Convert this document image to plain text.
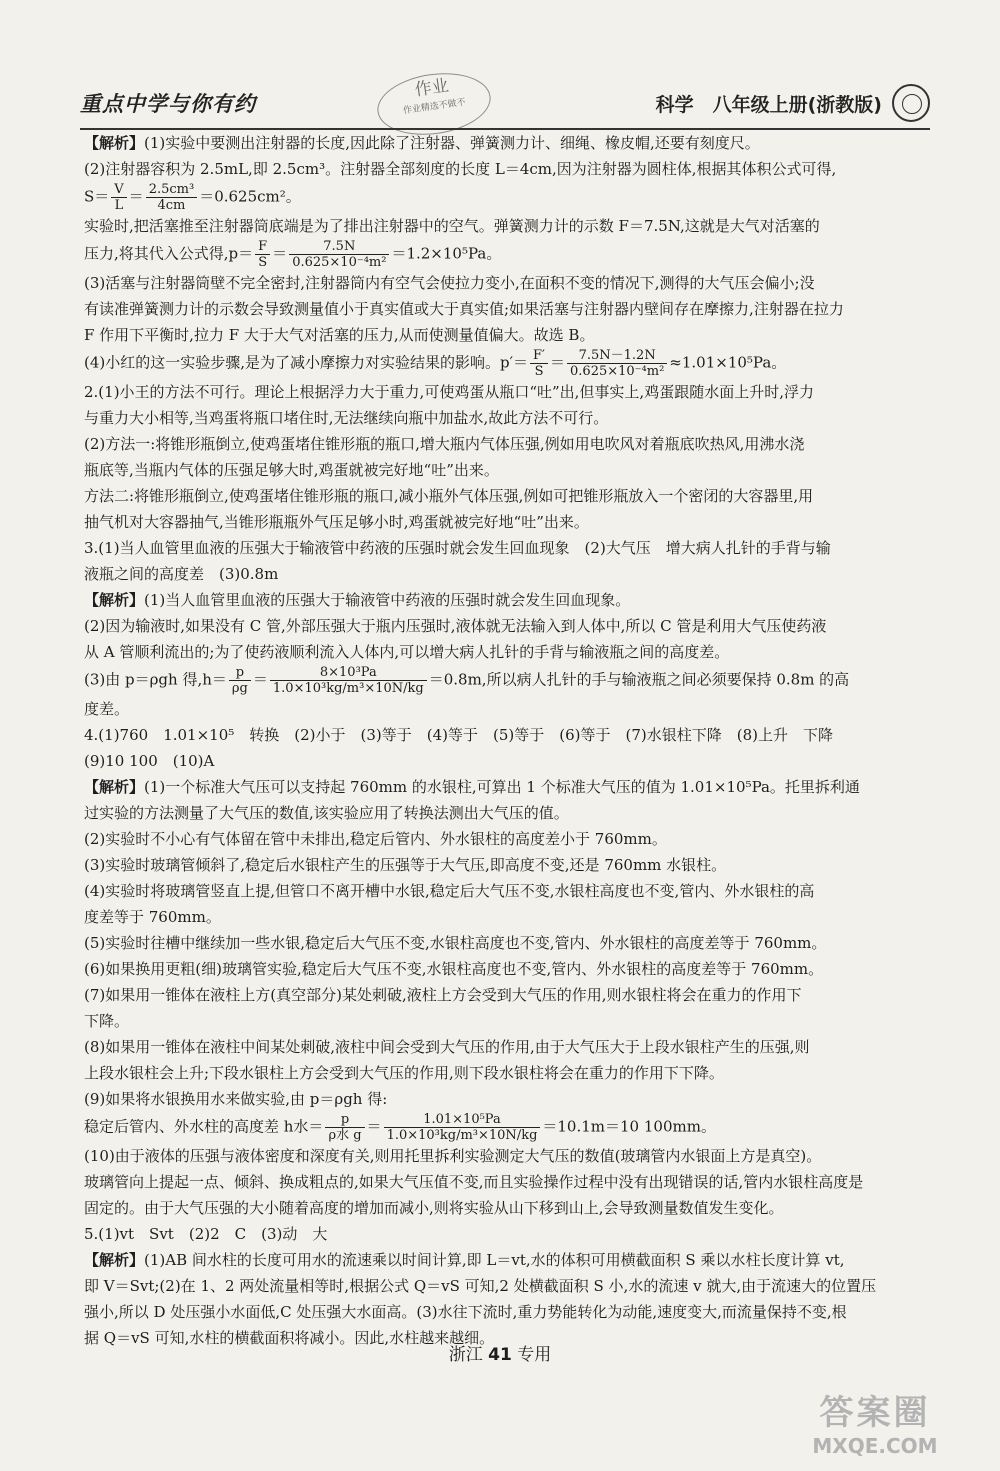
重点中学与你有约
作业
作业精选不做不	科学　八年级上册(浙教版)

【解析】(1)实验中要测出注射器的长度,因此除了注射器、弹簧测力计、细绳、橡皮帽,还要有刻度尺。

(2)注射器容积为 2.5mL,即 2.5cm³。注射器全部刻度的长度 L＝4cm,因为注射器为圆柱体,根据其体积公式可得,

$S= \frac{V}{L} = \frac{\text{2.5cm³}}{4cm} =0.625cm^2$。

实验时,把活塞推至注射器筒底端是为了排出注射器中的空气。弹簧测力计的示数 F＝7.5N,这就是大气对活塞的

压力,将其代入公式得$,p= \frac{F}{S} = \frac{7.5N}{\text{0.625×10⁻⁴m²}} =1.2\times 10^5Pa$。

(3)活塞与注射器筒壁不完全密封,注射器筒内有空气会使拉力变小,在面积不变的情况下,测得的大气压会偏小;没

有读准弹簧测力计的示数会导致测量值小于真实值或大于真实值;如果活塞与注射器内壁间存在摩擦力,注射器在拉力

F 作用下平衡时,拉力 F 大于大气对活塞的压力,从而使测量值偏大。故选 B。

(4)小红的这一实验步骤,是为了减小摩擦力对实验结果的影响。$p'= \frac{F'}{S} = \frac{7.5N-1.2N}{\text{0.625×10⁻⁴m²}} \approx 1.01\times 10^5Pa$。

2.(1)小王的方法不可行。理论上根据浮力大于重力,可使鸡蛋从瓶口“吐”出,但事实上,鸡蛋跟随水面上升时,浮力

与重力大小相等,当鸡蛋将瓶口堵住时,无法继续向瓶中加盐水,故此方法不可行。

(2)方法一:将锥形瓶倒立,使鸡蛋堵住锥形瓶的瓶口,增大瓶内气体压强,例如用电吹风对着瓶底吹热风,用沸水浇

瓶底等,当瓶内气体的压强足够大时,鸡蛋就被完好地“吐”出来。

方法二:将锥形瓶倒立,使鸡蛋堵住锥形瓶的瓶口,减小瓶外气体压强,例如可把锥形瓶放入一个密闭的大容器里,用

抽气机对大容器抽气,当锥形瓶瓶外气压足够小时,鸡蛋就被完好地“吐”出来。

3.(1)当人血管里血液的压强大于输液管中药液的压强时就会发生回血现象　(2)大气压　增大病人扎针的手背与输

液瓶之间的高度差　(3)0.8m

【解析】(1)当人血管里血液的压强大于输液管中药液的压强时就会发生回血现象。

(2)因为输液时,如果没有 C 管,外部压强大于瓶内压强时,液体就无法输入到人体中,所以 C 管是利用大气压使药液

从 A 管顺利流出的;为了使药液顺利流入人体内,可以增大病人扎针的手背与输液瓶之间的高度差。

(3)由 p＝ρgh 得$,h= \frac{p}{\rho g} = \frac{\text{8×10³Pa}}{\text{1.0×10³kg/m³×10N/kg}} =0.8m$,所以病人扎针的手与输液瓶之间必须要保持 0.8m 的高

度差。

4.(1)760　1.01×10⁵　转换　(2)小于　(3)等于　(4)等于　(5)等于　(6)等于　(7)水银柱下降　(8)上升　下降

(9)10 100　(10)A

【解析】(1)一个标准大气压可以支持起 760mm 的水银柱,可算出 1 个标准大气压的值为 1.01×10⁵Pa。托里拆利通

过实验的方法测量了大气压的数值,该实验应用了转换法测出大气压的值。

(2)实验时不小心有气体留在管中未排出,稳定后管内、外水银柱的高度差小于 760mm。

(3)实验时玻璃管倾斜了,稳定后水银柱产生的压强等于大气压,即高度不变,还是 760mm 水银柱。

(4)实验时将玻璃管竖直上提,但管口不离开槽中水银,稳定后大气压不变,水银柱高度也不变,管内、外水银柱的高

度差等于 760mm。

(5)实验时往槽中继续加一些水银,稳定后大气压不变,水银柱高度也不变,管内、外水银柱的高度差等于 760mm。

(6)如果换用更粗(细)玻璃管实验,稳定后大气压不变,水银柱高度也不变,管内、外水银柱的高度差等于 760mm。

(7)如果用一锥体在液柱上方(真空部分)某处刺破,液柱上方会受到大气压的作用,则水银柱将会在重力的作用下

下降。

(8)如果用一锥体在液柱中间某处刺破,液柱中间会受到大气压的作用,由于大气压大于上段水银柱产生的压强,则

上段水银柱会上升;下段水银柱上方会受到大气压的作用,则下段水银柱将会在重力的作用下下降。

(9)如果将水银换用水来做实验,由 p＝ρgh 得:

稳定后管内、外水柱的高度差 h水＝ $\frac{p}{\text{ρ水 g}} = \frac{\text{1.01×10⁵Pa}}{\text{1.0×10³kg/m³×10N/kg}} =10.1m=10$ 100mm。

(10)由于液体的压强与液体密度和深度有关,则用托里拆利实验测定大气压的数值(玻璃管内水银面上方是真空)。

玻璃管向上提起一点、倾斜、换成粗点的,如果大气压值不变,而且实验操作过程中没有出现错误的话,管内水银柱高度是

固定的。由于大气压强的大小随着高度的增加而减小,则将实验从山下移到山上,会导致测量数值发生变化。

5.(1)vt　Svt　(2)2　C　(3)动　大

【解析】(1)AB 间水柱的长度可用水的流速乘以时间计算,即 L＝vt,水的体积可用横截面积 S 乘以水柱长度计算 vt,

即 V＝Svt;(2)在 1、2 两处流量相等时,根据公式 Q＝vS 可知,2 处横截面积 S 小,水的流速 v 就大,由于流速大的位置压

强小,所以 D 处压强小水面低,C 处压强大水面高。(3)水往下流时,重力势能转化为动能,速度变大,而流量保持不变,根

据 Q＝vS 可知,水柱的横截面积将减小。因此,水柱越来越细。

浙江 41 专用
答案圈
MXQE.COM
